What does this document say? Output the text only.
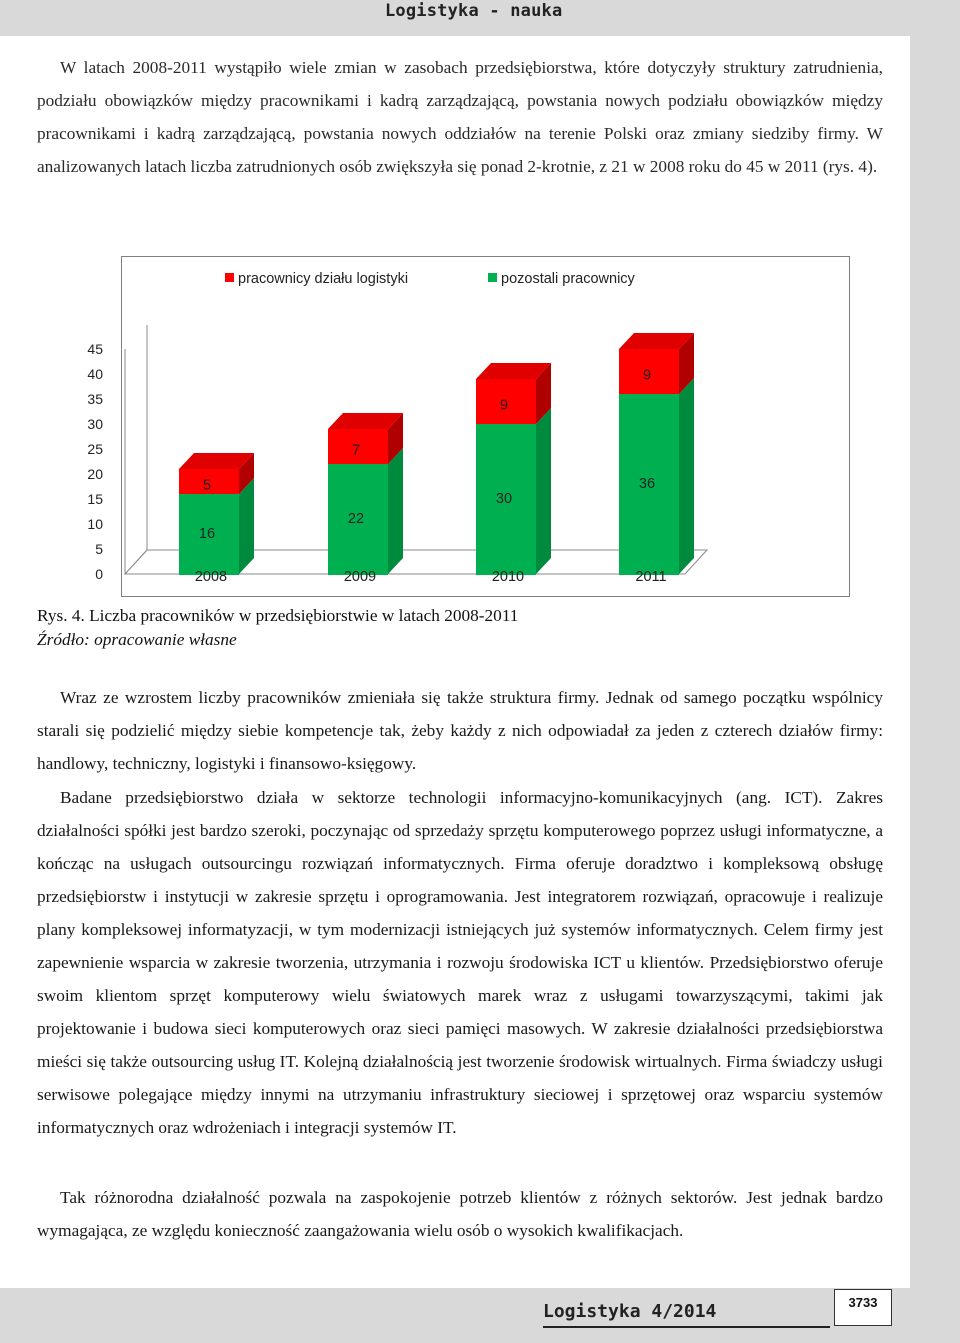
Logistyka - nauka

W latach 2008-2011 wystąpiło wiele zmian w zasobach przedsiębiorstwa, które dotyczyły struktury zatrudnienia, podziału obowiązków między pracownikami i kadrą zarządzającą, powstania nowych podziału obowiązków między pracownikami i kadrą zarządzającą, powstania nowych oddziałów na terenie Polski oraz zmiany siedziby firmy. W analizowanych latach liczba zatrudnionych osób zwiększyła się ponad 2-krotnie, z 21 w 2008 roku do 45 w 2011 (rys. 4).

Wraz ze wzrostem liczby pracowników zmieniała się także struktura firmy. Jednak od samego początku wspólnicy starali się podzielić między siebie kompetencje tak, żeby każdy z nich odpowiadał za jeden z czterech działów firmy: handlowy, techniczny, logistyki i finansowo-księgowy.

Badane przedsiębiorstwo działa w sektorze technologii informacyjno-komunikacyjnych (ang. ICT). Zakres działalności spółki jest bardzo szeroki, poczynając od sprzedaży sprzętu komputerowego poprzez usługi informatyczne, a kończąc na usługach outsourcingu rozwiązań informatycznych. Firma oferuje doradztwo i kompleksową obsługę przedsiębiorstw i instytucji w zakresie sprzętu i oprogramowania. Jest integratorem rozwiązań, opracowuje i realizuje plany kompleksowej informatyzacji, w tym modernizacji istniejących już systemów informatycznych. Celem firmy jest zapewnienie wsparcia w zakresie tworzenia, utrzymania i rozwoju środowiska ICT u klientów. Przedsiębiorstwo oferuje swoim klientom sprzęt komputerowy wielu światowych marek wraz z usługami towarzyszącymi, takimi jak projektowanie i budowa sieci komputerowych oraz sieci pamięci masowych. W zakresie działalności przedsiębiorstwa mieści się także outsourcing usług IT. Kolejną działalnością jest tworzenie środowisk wirtualnych. Firma świadczy usługi serwisowe polegające między innymi na utrzymaniu infrastruktury sieciowej i sprzętowej oraz wsparciu systemów informatycznych oraz wdrożeniach i integracji systemów IT.

Tak różnorodna działalność pozwala na zaspokojenie potrzeb klientów z różnych sektorów. Jest jednak bardzo wymagająca, ze względu konieczność zaangażowania wielu osób o wysokich kwalifikacjach.

pracownicy działu logistyki	pozostali pracownicy
0
5
10
15
20
25
30
35
40
45
16
5
2008
22
7
2009
30
9
2010
36
9
2011
Rys. 4. Liczba pracowników w przedsiębiorstwie w latach 2008-2011
Źródło: opracowanie własne
Logistyka 4/2014	3733
